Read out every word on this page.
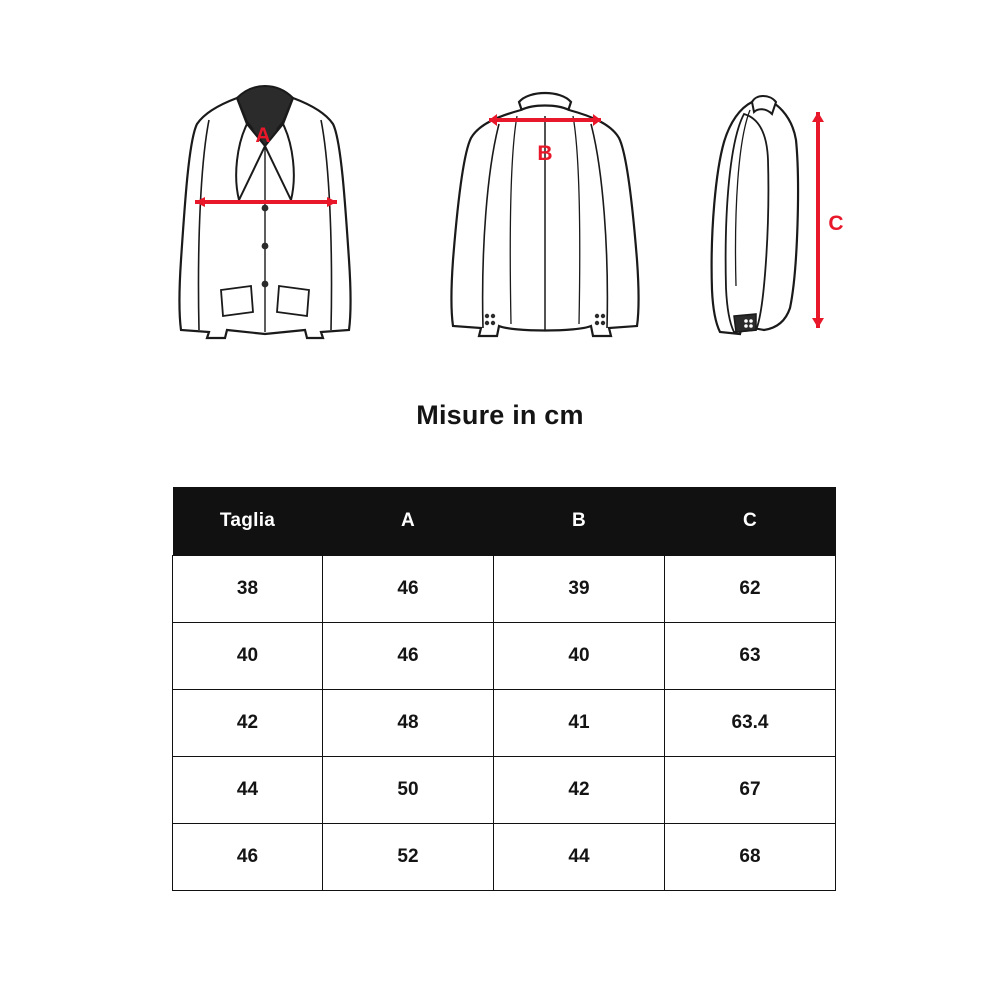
A
B
C
Misure in cm
Taglia	A	B	C
38	46	39	62
40	46	40	63
42	48	41	63.4
44	50	42	67
46	52	44	68
